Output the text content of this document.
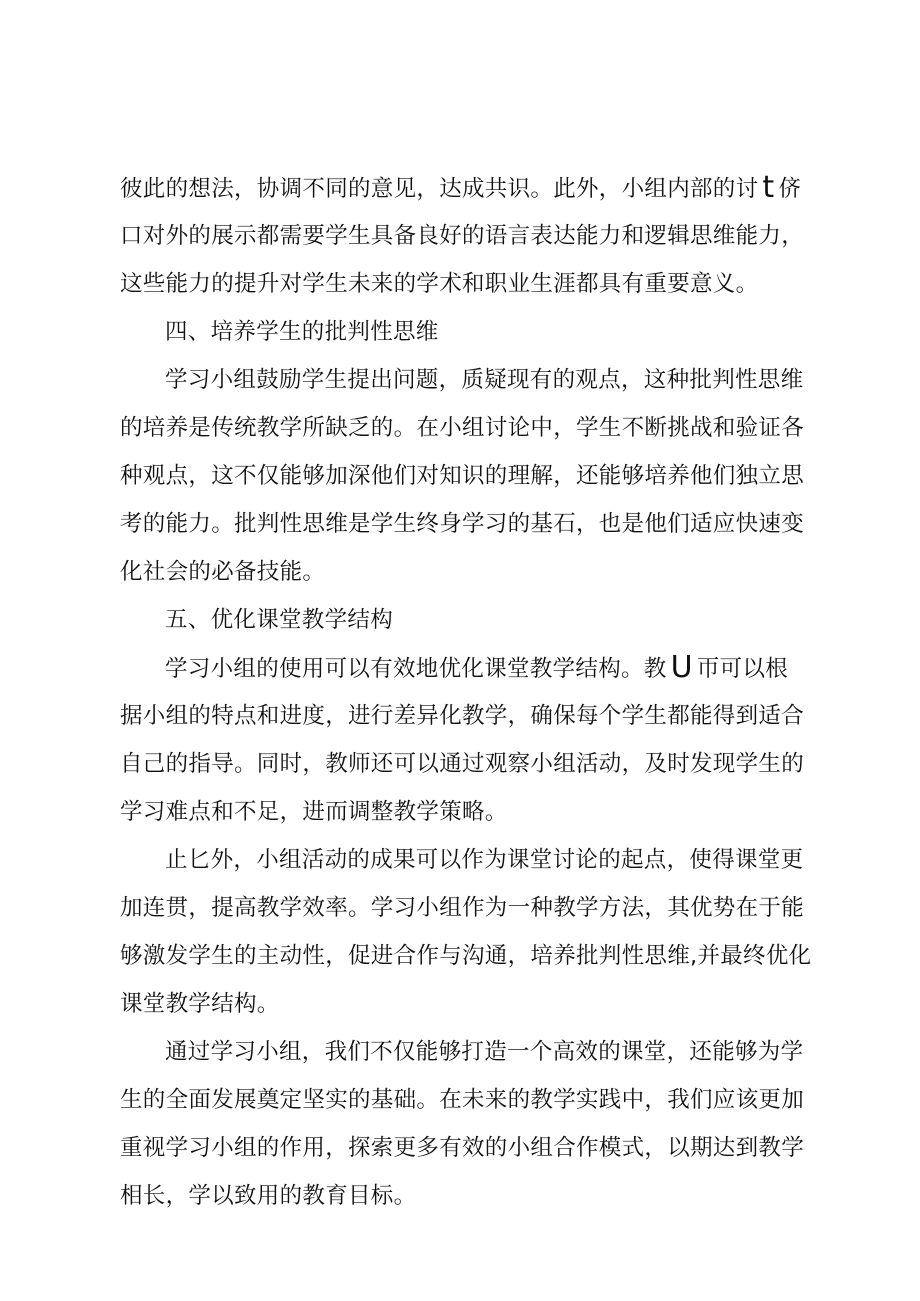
彼此的想法，协调不同的意见，达成共识。此外，小组内部的讨 t 侪
口对外的展示都需要学生具备良好的语言表达能力和逻辑思维能力，
这些能力的提升对学生未来的学术和职业生涯都具有重要意义。
四、培养学生的批判性思维
学习小组鼓励学生提出问题，质疑现有的观点，这种批判性思维
的培养是传统教学所缺乏的。在小组讨论中，学生不断挑战和验证各
种观点，这不仅能够加深他们对知识的理解，还能够培养他们独立思
考的能力。批判性思维是学生终身学习的基石，也是他们适应快速变
化社会的必备技能。
五、优化课堂教学结构
学习小组的使用可以有效地优化课堂教学结构。教 U 帀可以根
据小组的特点和进度，进行差异化教学，确保每个学生都能得到适合
自己的指导。同时，教师还可以通过观察小组活动，及时发现学生的
学习难点和不足，进而调整教学策略。
止匕外，小组活动的成果可以作为课堂讨论的起点，使得课堂更
加连贯，提高教学效率。学习小组作为一种教学方法，其优势在于能
够激发学生的主动性，促进合作与沟通，培养批判性思维,并最终优化
课堂教学结构。
通过学习小组，我们不仅能够打造一个高效的课堂，还能够为学
生的全面发展奠定坚实的基础。在未来的教学实践中，我们应该更加
重视学习小组的作用，探索更多有效的小组合作模式，以期达到教学
相长，学以致用的教育目标。
